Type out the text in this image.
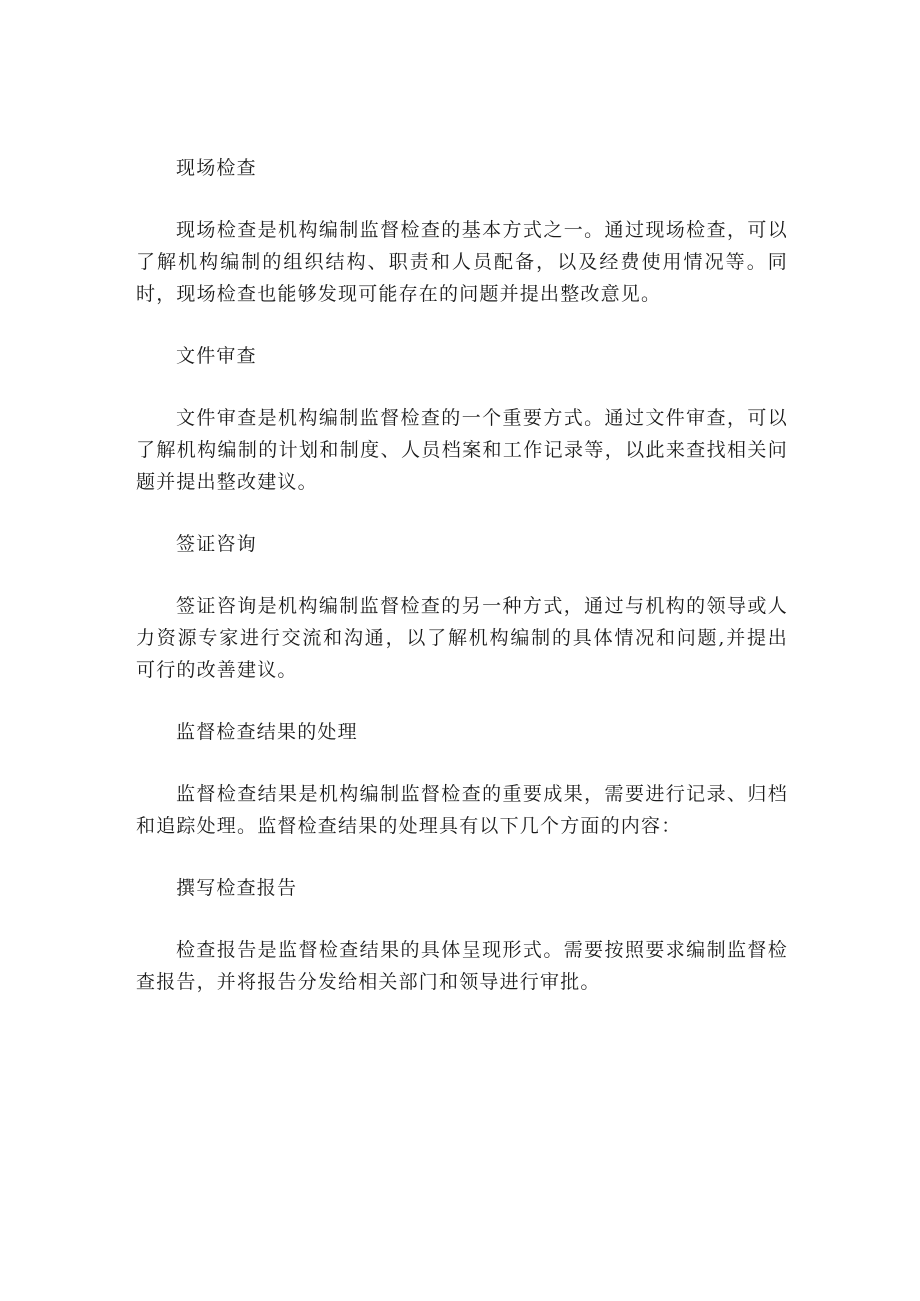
现场检查

现场检查是机构编制监督检查的基本方式之一。通过现场检查，可以了解机构编制的组织结构、职责和人员配备，以及经费使用情况等。同时，现场检查也能够发现可能存在的问题并提出整改意见。

文件审查

文件审查是机构编制监督检查的一个重要方式。通过文件审查，可以了解机构编制的计划和制度、人员档案和工作记录等，以此来查找相关问题并提出整改建议。

签证咨询

签证咨询是机构编制监督检查的另一种方式，通过与机构的领导或人力资源专家进行交流和沟通，以了解机构编制的具体情况和问题,并提出可行的改善建议。

监督检查结果的处理

监督检查结果是机构编制监督检查的重要成果，需要进行记录、归档和追踪处理。监督检查结果的处理具有以下几个方面的内容：

撰写检查报告

检查报告是监督检查结果的具体呈现形式。需要按照要求编制监督检查报告，并将报告分发给相关部门和领导进行审批。
